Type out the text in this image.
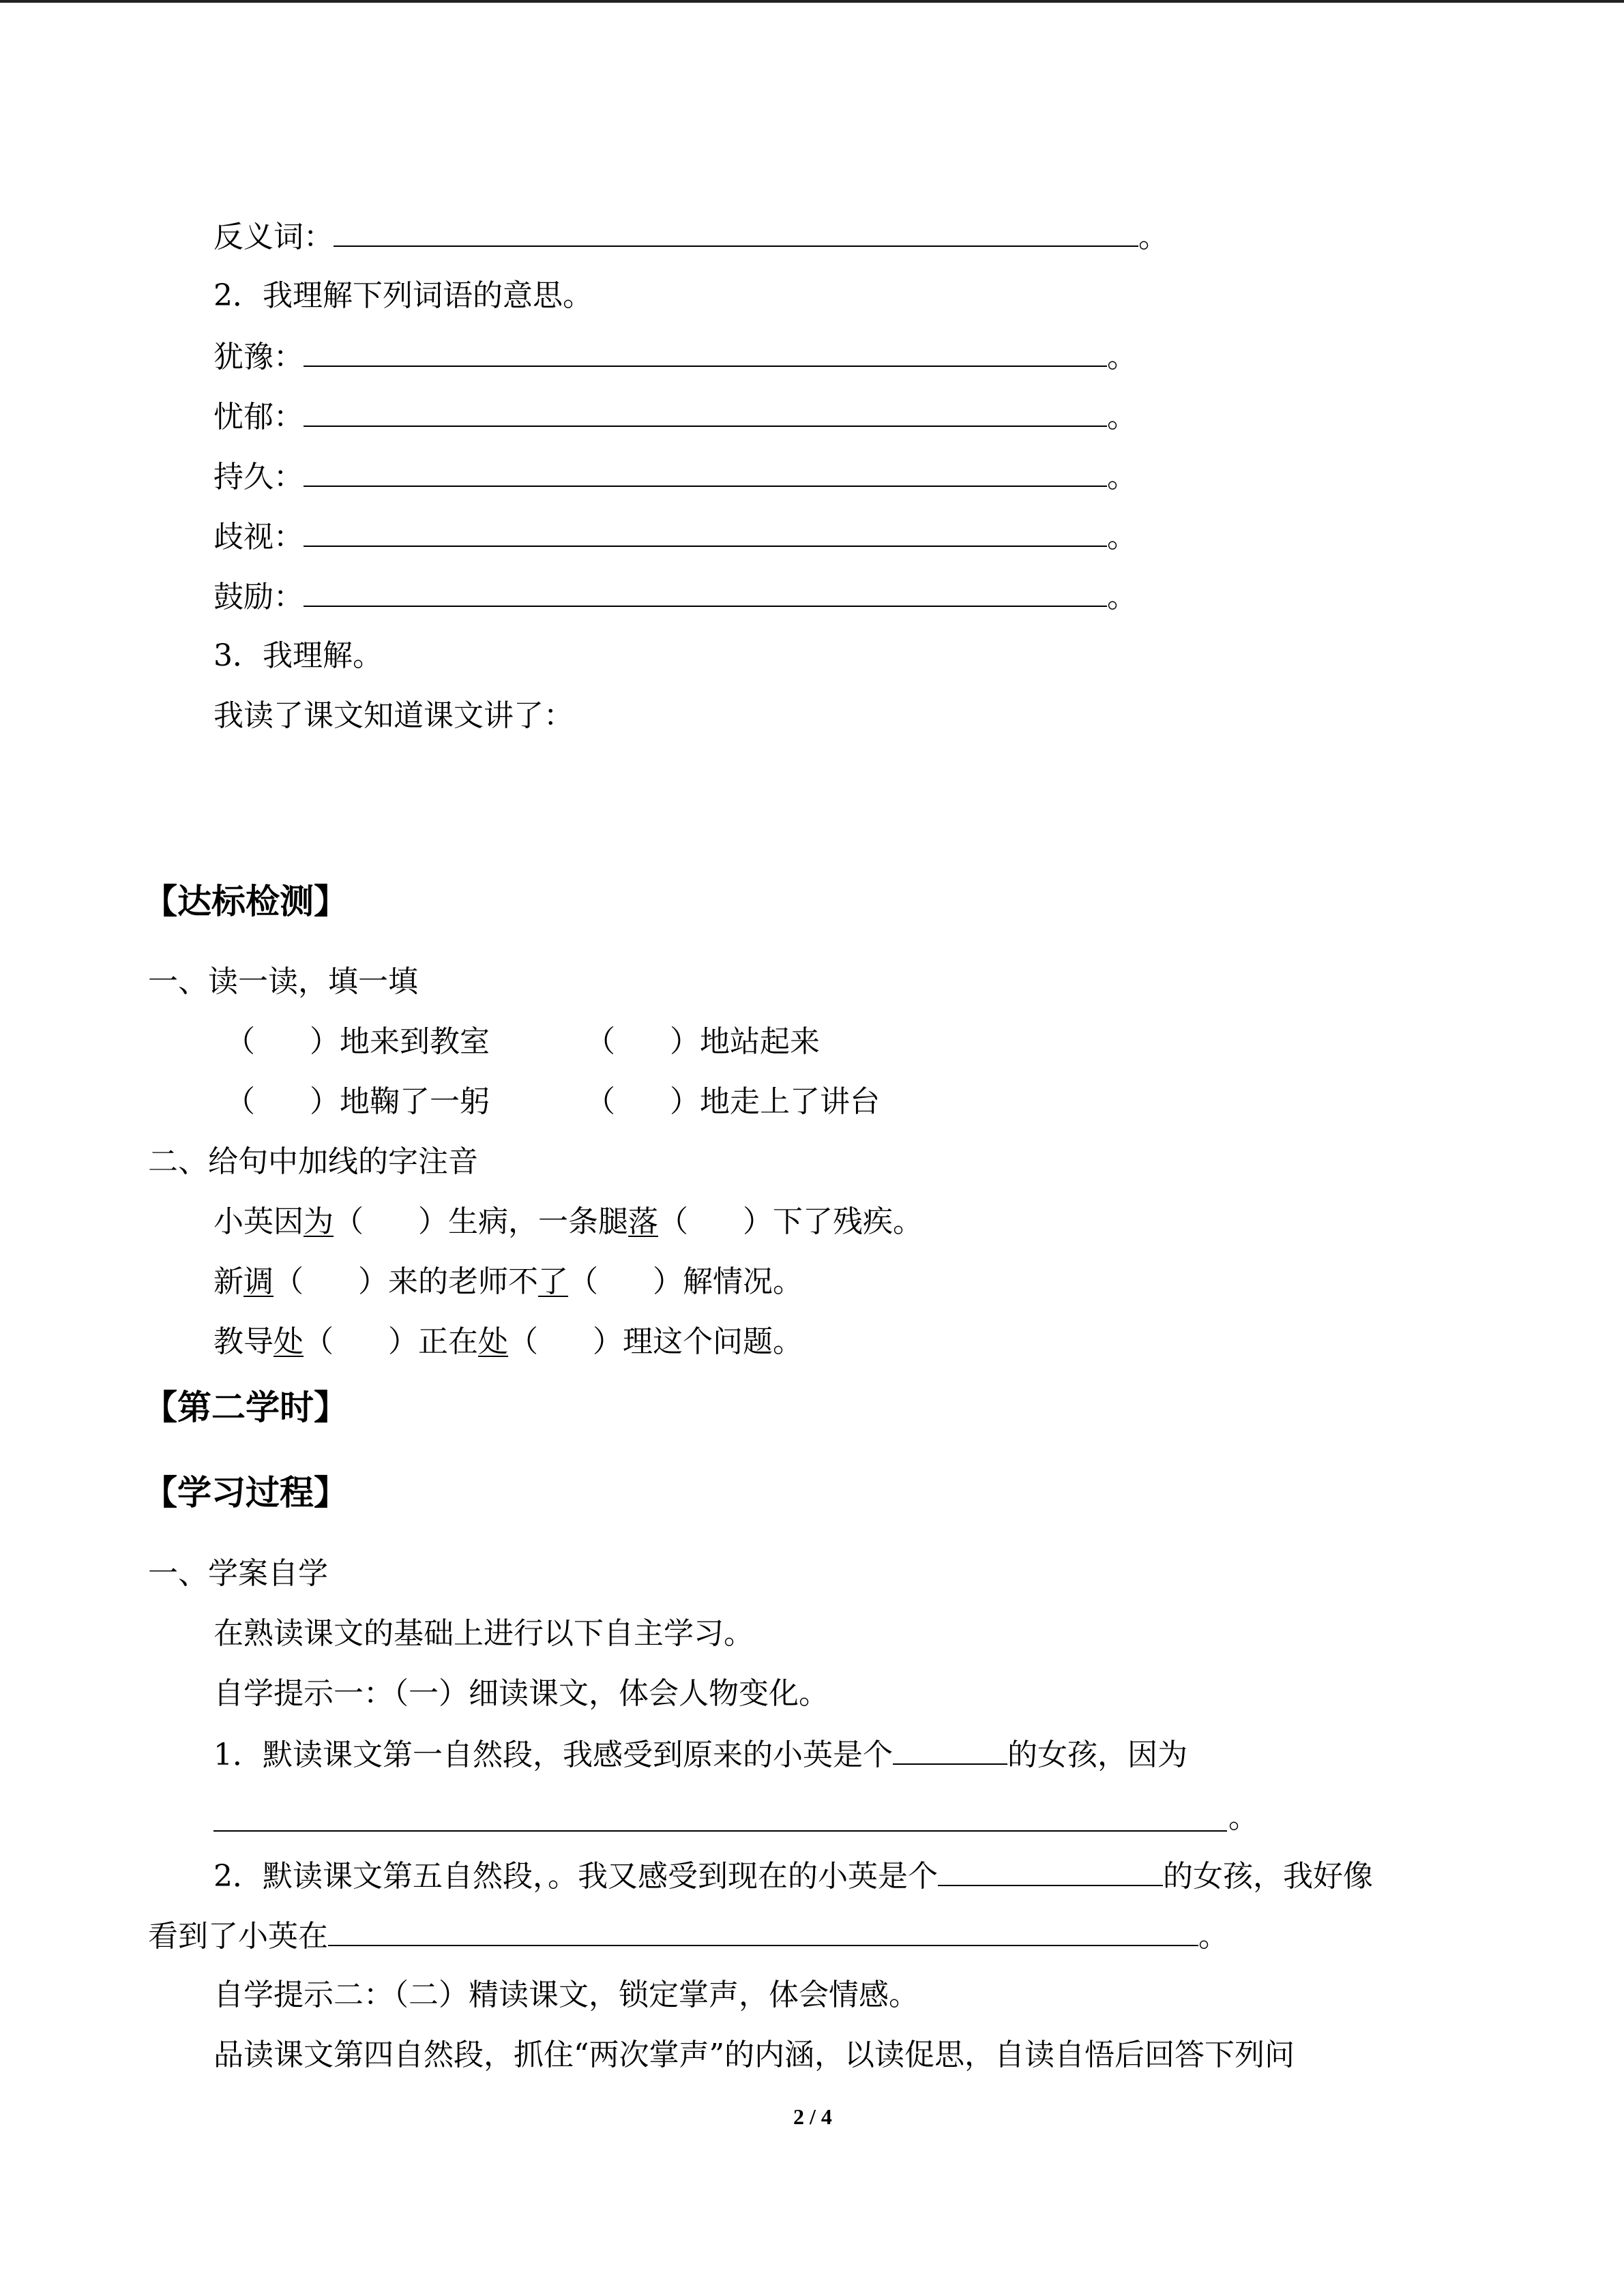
反义词：	。
2．我理解下列词语的意思。
犹豫：	。
忧郁：	。
持久：	。
歧视：	。
鼓励：	。
3．我理解。
我读了课文知道课文讲了：
【达标检测】
一、读一读，填一填
（ ）地来到教室	（ ）地站起来
（ ）地鞠了一躬	（ ）地走上了讲台
二、给句中加线的字注音
小英因为（ ）生病，一条腿落（ ）下了残疾。
新调（ ）来的老师不了（ ）解情况。
教导处（ ）正在处（ ）理这个问题。
【第二学时】
【学习过程】
一、学案自学
在熟读课文的基础上进行以下自主学习。
自学提示一：（一）细读课文，体会人物变化。
1．默读课文第一自然段，我感受到原来的小英是个	的女孩，因为
。
2．默读课文第五自然段，。我又感受到现在的小英是个	的女孩，我好像
看到了小英在	。
自学提示二：（二）精读课文，锁定掌声，体会情感。
品读课文第四自然段，抓住“两次掌声”的内涵，以读促思，自读自悟后回答下列问
2 / 4
